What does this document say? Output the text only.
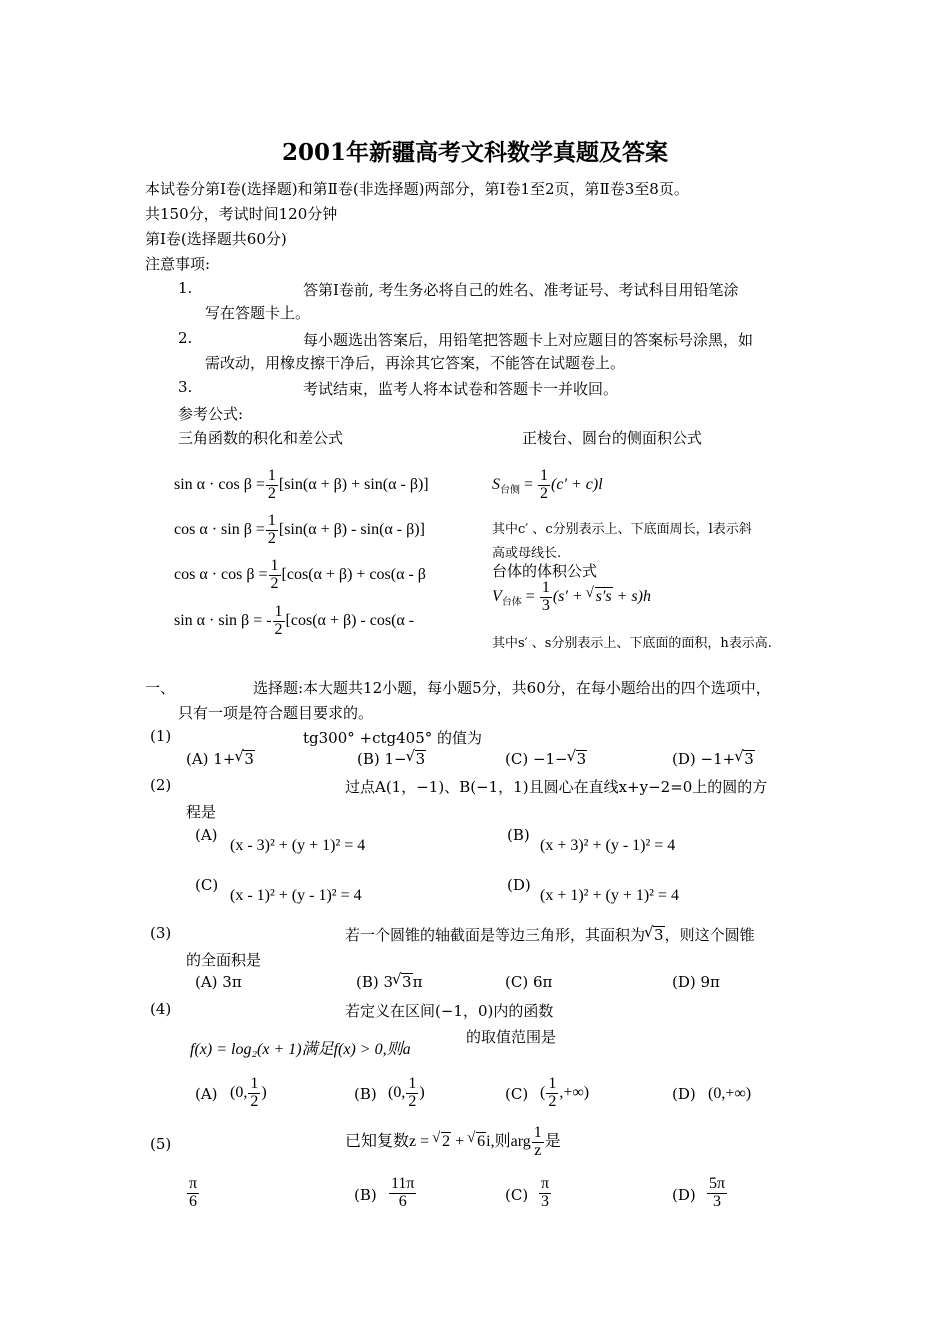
2001年新疆高考文科数学真题及答案
本试卷分第Ⅰ卷(选择题)和第Ⅱ卷(非选择题)两部分，第Ⅰ卷1至2页，第Ⅱ卷3至8页。
共150分，考试时间120分钟
第Ⅰ卷(选择题共60分)
注意事项:
1.	答第Ⅰ卷前, 考生务必将自己的姓名、准考证号、考试科目用铅笔涂
写在答题卡上。
2.	每小题选出答案后，用铅笔把答题卡上对应题目的答案标号涂黑，如
需改动，用橡皮擦干净后，再涂其它答案，不能答在试题卷上。
3.	考试结束，监考人将本试卷和答题卡一并收回。
参考公式:
三角函数的积化和差公式	正棱台、圆台的侧面积公式
$\sin \alpha \cdot \cos \beta = \frac{1}{2} [\sin(\alpha + \beta) + \sin(\alpha - \beta)]$
$\cos \alpha \cdot \sin \beta = \frac{1}{2} [\sin(\alpha + \beta) - \sin(\alpha - \beta)]$
$\cos \alpha \cdot \cos \beta = \frac{1}{2} [\cos(\alpha + \beta) + \cos(\alpha - \beta$
sin α · sin β = - $\frac{1}{2} [\cos(\alpha + \beta) - \cos(\alpha$ -
$S_{台侧} = \frac{1}{2} (c' + c)l$
其中c′ 、c分别表示上、下底面周长，l表示斜
高或母线长.
台体的体积公式
$V_{台体} = \frac{1}{3} (s'$ + √ s′s + s)h
其中s′ 、s分别表示上、下底面的面积，h表示高.
一、	选择题:本大题共12小题，每小题5分，共60分，在每小题给出的四个选项中，
只有一项是符合题目要求的。
(1)	tg300° +ctg405° 的值为
(A) 1+ √ 3	(B) 1− √ 3	(C) −1− √ 3	(D) −1+ √ 3
(2)	过点A(1，−1)、B(−1，1)且圆心在直线x+y−2=0上的圆的方
程是
(A)
(x - 3)² + (y + 1)² = 4
(B)
(x + 3)² + (y - 1)² = 4
(C)
(x - 1)² + (y - 1)² = 4
(D)
(x + 1)² + (y + 1)² = 4
(3)	若一个圆锥的轴截面是等边三角形，其面积为 √ 3，则这个圆锥
的全面积是
(A) 3π	(B) 3 √ 3π	(C) 6π	(D) 9π
(4)	若定义在区间(−1，0)内的函数
f(x) = log₂(x + 1)满足f(x) > 0,则a
的取值范围是
(A) (0, $\frac{1}{2}$ )	(B) (0, $\frac{1}{2}$ )	(C) ( $\frac{1}{2}$ ,+∞)	(D) (0,+∞)
(5)	已知复数z = √ 2 + √ 6i,则arg $\frac{1}{z}$ 是
$\frac{\pi}{6}$	$(B) \frac{11\pi}{6}$	$(C) \frac{\pi}{3}$	$(D) \frac{5\pi}{3}$
